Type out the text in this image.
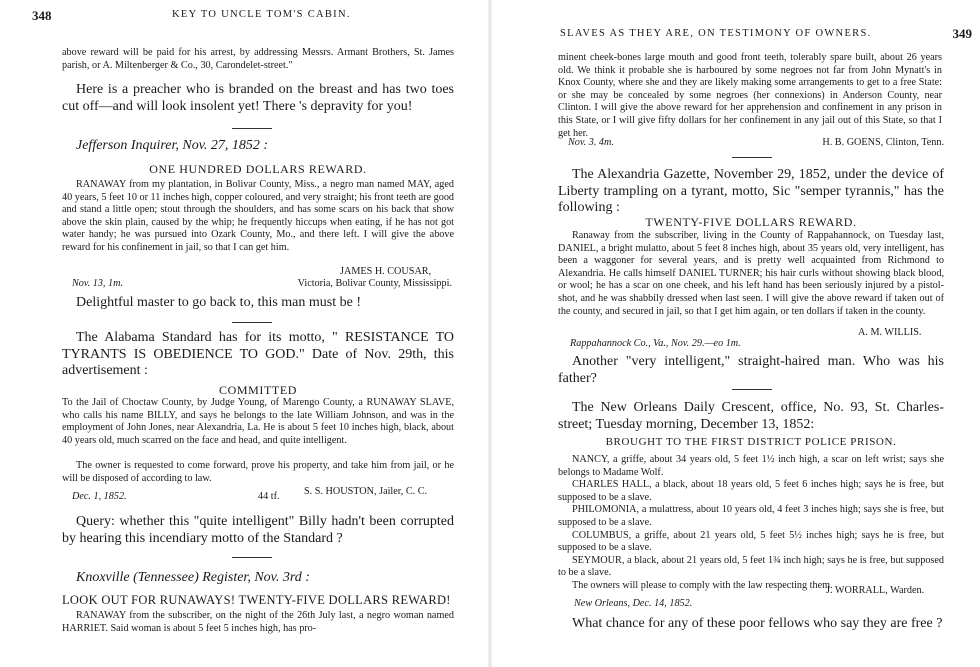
348	KEY TO UNCLE TOM'S CABIN.

above reward will be paid for his arrest, by addressing Messrs. Armant Brothers, St. James parish, or A. Miltenberger & Co., 30, Carondelet-street."

Here is a preacher who is branded on the breast and has two toes cut off—and will look insolent yet! There 's depravity for you!

Jefferson Inquirer, Nov. 27, 1852 :

ONE HUNDRED DOLLARS REWARD.

RANAWAY from my plantation, in Bolivar County, Miss., a negro man named MAY, aged 40 years, 5 feet 10 or 11 inches high, copper coloured, and very straight; his front teeth are good and stand a little open; stout through the shoulders, and has some scars on his back that show above the skin plain, caused by the whip; he frequently hiccups when eating, if he has not got water handy; he was pursued into Ozark County, Mo., and there left. I will give the above reward for his confinement in jail, so that I can get him.

JAMES H. COUSAR,

Nov. 13, 1m.	Victoria, Bolivar County, Mississippi.

Delightful master to go back to, this man must be !

The Alabama Standard has for its motto, " RESISTANCE TO TYRANTS IS OBEDIENCE TO GOD." Date of Nov. 29th, this advertisement :

COMMITTED

To the Jail of Choctaw County, by Judge Young, of Marengo County, a RUNAWAY SLAVE, who calls his name BILLY, and says he belongs to the late William Johnson, and was in the employment of John Jones, near Alexandria, La. He is about 5 feet 10 inches high, black, about 40 years old, much scarred on the face and head, and quite intelligent.

The owner is requested to come forward, prove his property, and take him from jail, or he will be disposed of according to law.

S. S. HOUSTON, Jailer, C. C.

Dec. 1, 1852.	44 tf.

Query: whether this "quite intelligent" Billy hadn't been corrupted by hearing this incendiary motto of the Standard ?

Knoxville (Tennessee) Register, Nov. 3rd :

LOOK OUT FOR RUNAWAYS! TWENTY-FIVE DOLLARS REWARD!

RANAWAY from the subscriber, on the night of the 26th July last, a negro woman named HARRIET. Said woman is about 5 feet 5 inches high, has pro-

SLAVES AS THEY ARE, ON TESTIMONY OF OWNERS.	349

minent cheek-bones large mouth and good front teeth, tolerably spare built, about 26 years old. We think it probable she is harboured by some negroes not far from John Mynatt's in Knox County, where she and they are likely making some arrangements to get to a free State: or she may be concealed by some negroes (her connexions) in Anderson County, near Clinton. I will give the above reward for her apprehension and confinement in any prison in this State, or I will give fifty dollars for her confinement in any jail out of this State, so that I get her.

Nov. 3. 4m.	H. B. GOENS, Clinton, Tenn.

The Alexandria Gazette, November 29, 1852, under the device of Liberty trampling on a tyrant, motto, Sic "semper tyrannis," has the following :

TWENTY-FIVE DOLLARS REWARD.

Ranaway from the subscriber, living in the County of Rappahannock, on Tuesday last, DANIEL, a bright mulatto, about 5 feet 8 inches high, about 35 years old, very intelligent, has been a waggoner for several years, and is pretty well acquainted from Richmond to Alexandria. He calls himself DANIEL TURNER; his hair curls without showing black blood, or wool; he has a scar on one cheek, and his left hand has been seriously injured by a pistol-shot, and he was shabbily dressed when last seen. I will give the above reward if taken out of the county, and secured in jail, so that I get him again, or ten dollars if taken in the county.

A. M. WILLIS.

Rappahannock Co., Va., Nov. 29.—eo 1m.

Another "very intelligent," straight-haired man. Who was his father?

The New Orleans Daily Crescent, office, No. 93, St. Charles-street; Tuesday morning, December 13, 1852:

BROUGHT TO THE FIRST DISTRICT POLICE PRISON.

NANCY, a griffe, about 34 years old, 5 feet 1½ inch high, a scar on left wrist; says she belongs to Madame Wolf.

CHARLES HALL, a black, about 18 years old, 5 feet 6 inches high; says he is free, but supposed to be a slave.

PHILOMONIA, a mulattress, about 10 years old, 4 feet 3 inches high; says she is free, but supposed to be a slave.

COLUMBUS, a griffe, about 21 years old, 5 feet 5½ inches high; says he is free, but supposed to be a slave.

SEYMOUR, a black, about 21 years old, 5 feet 1¾ inch high; says he is free, but supposed to be a slave.

The owners will please to comply with the law respecting them.

J. WORRALL, Warden.

New Orleans, Dec. 14, 1852.

What chance for any of these poor fellows who say they are free ?
